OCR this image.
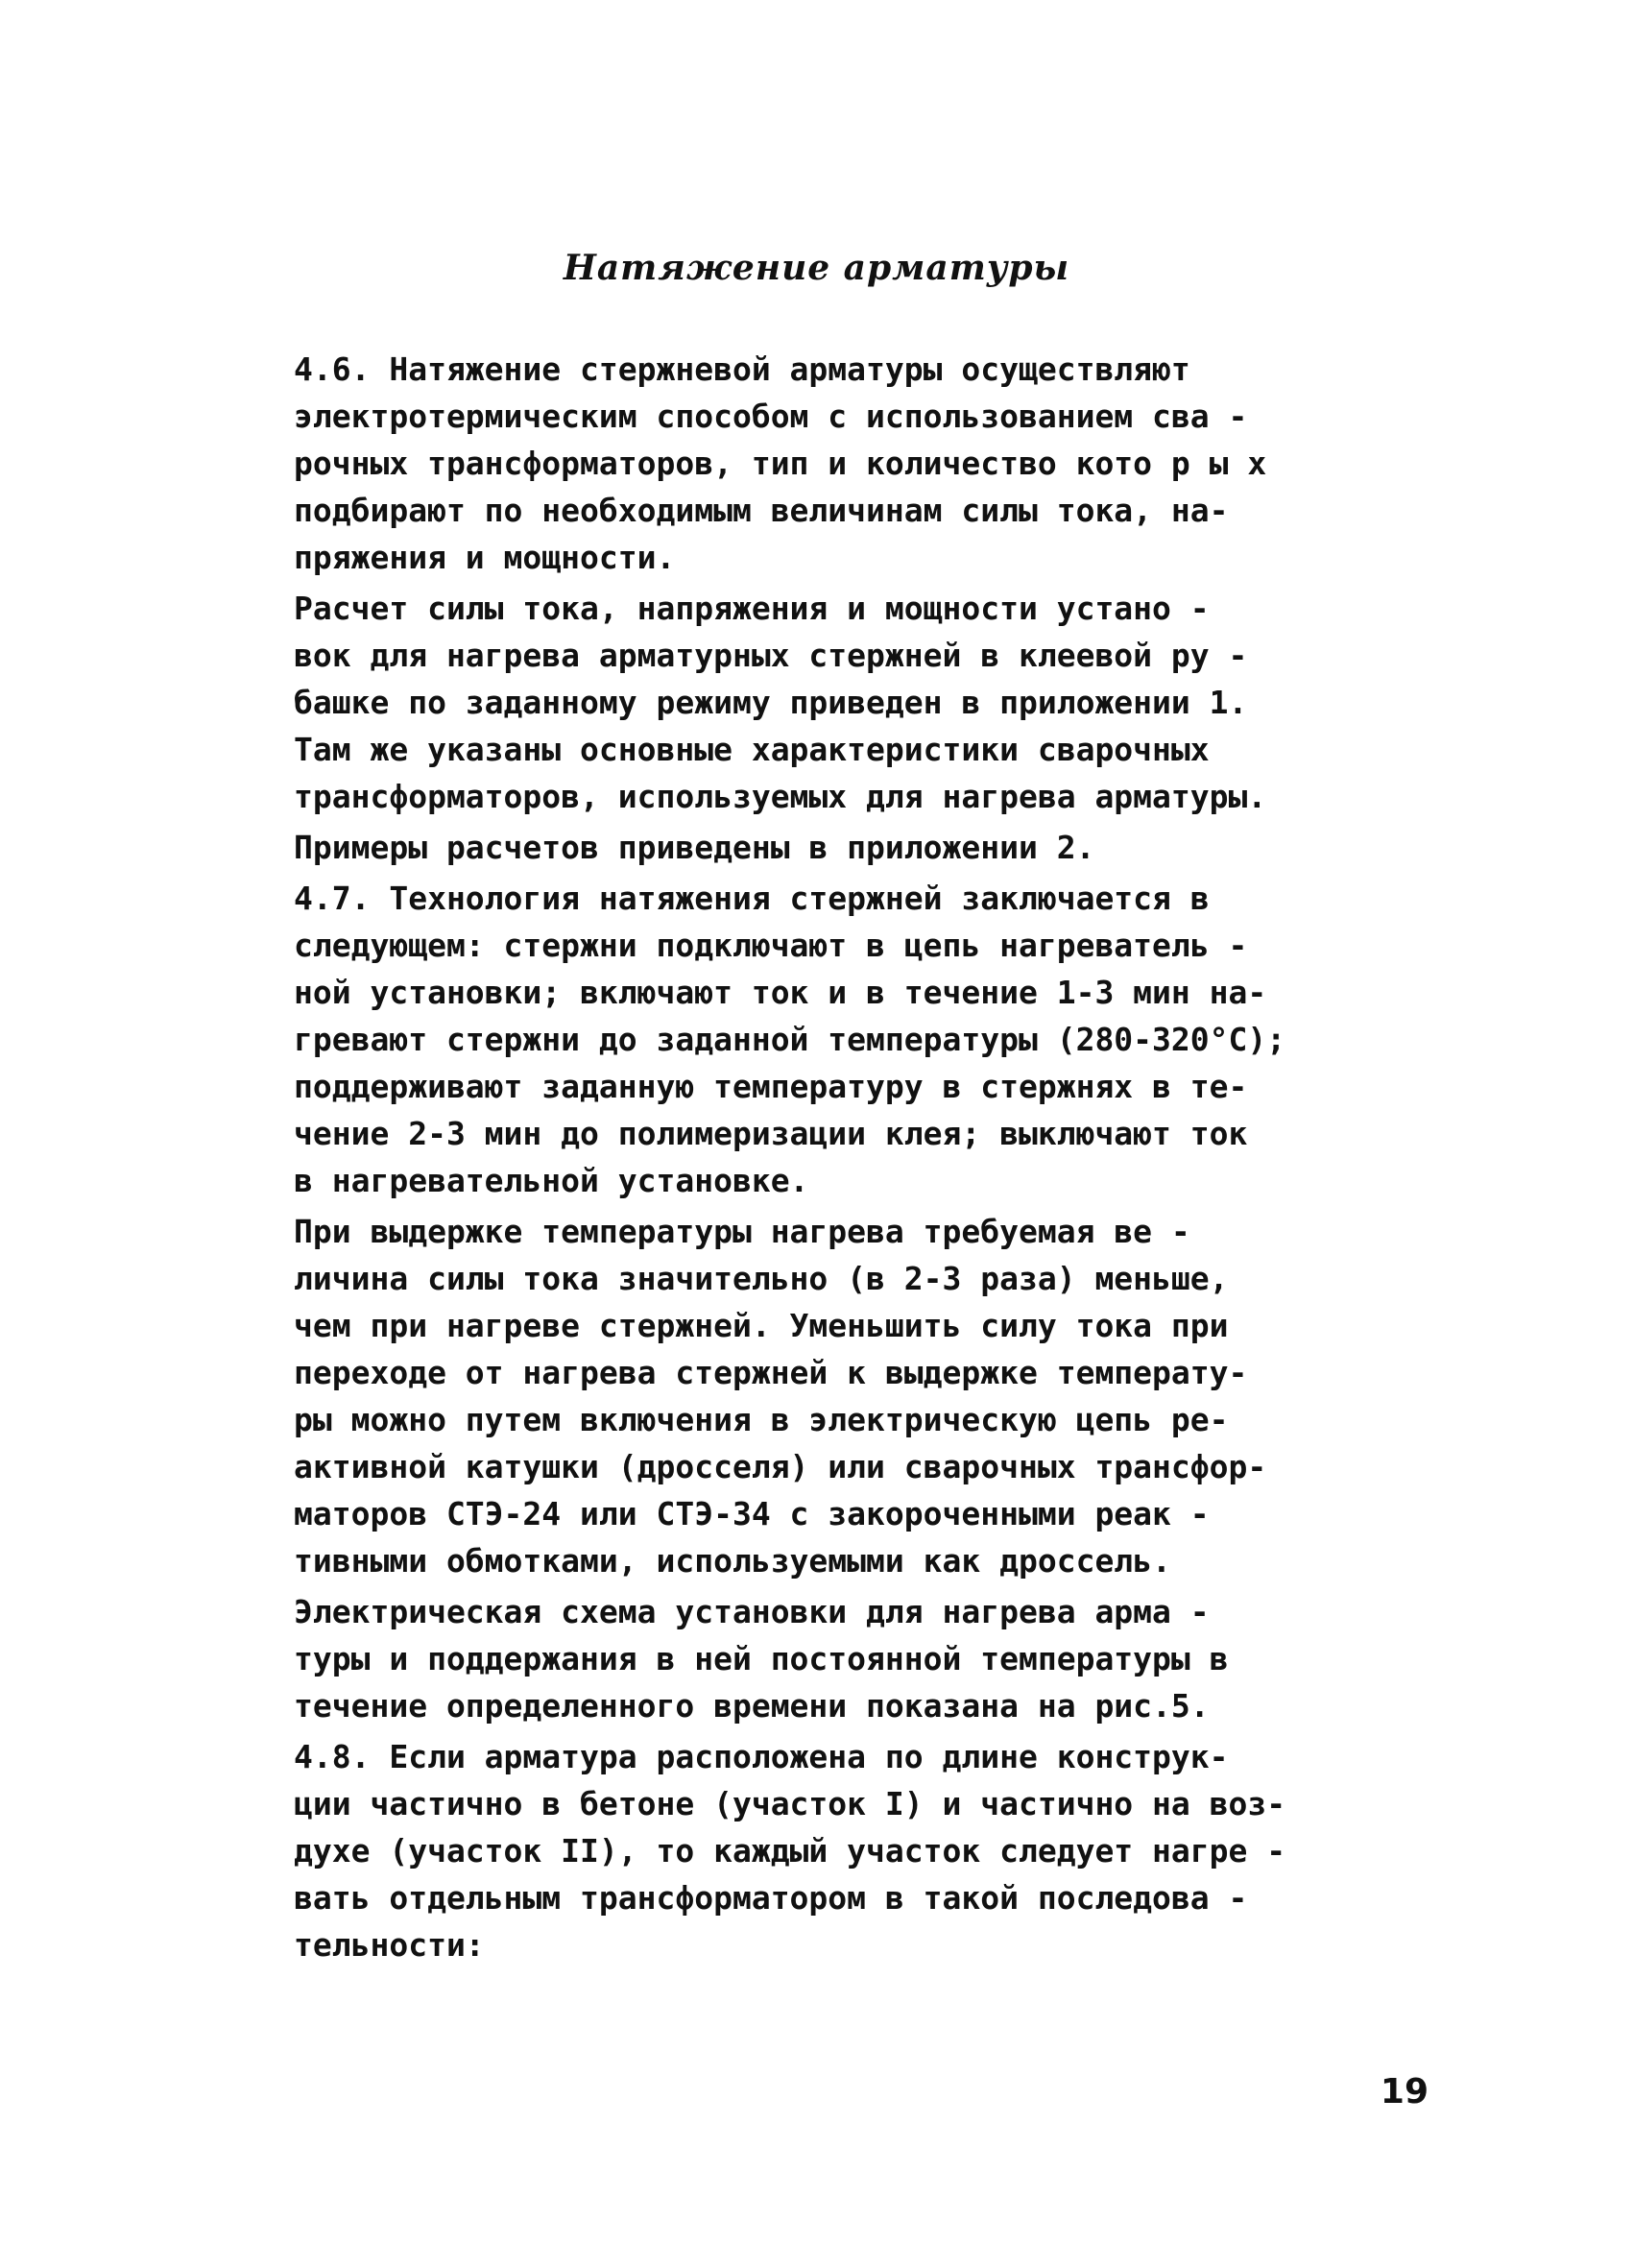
Натяжение арматуры
4.6. Натяжение стержневой арматуры осуществляют
электротермическим способом с использованием сва -
рочных трансформаторов, тип и количество кото р ы х
подбирают по необходимым величинам силы тока, на-
пряжения и мощности.
Расчет силы тока, напряжения и мощности устано -
вок для нагрева арматурных стержней в клеевой ру -
башке по заданному режиму приведен в приложении 1.
Там же указаны основные характеристики сварочных
трансформаторов, используемых для нагрева арматуры.
Примеры расчетов приведены в приложении 2.
4.7. Технология натяжения стержней заключается в
следующем: стержни подключают в цепь нагреватель -
ной установки; включают ток и в течение 1-3 мин на-
гревают стержни до заданной температуры (280-320°C);
поддерживают заданную температуру в стержнях в те-
чение 2-3 мин до полимеризации клея; выключают ток
в нагревательной установке.
При выдержке температуры нагрева требуемая ве -
личина силы тока значительно (в 2-3 раза) меньше,
чем при нагреве стержней. Уменьшить силу тока при
переходе от нагрева стержней к выдержке температу-
ры можно путем включения в электрическую цепь ре-
активной катушки (дросселя) или сварочных трансфор-
маторов СТЭ-24 или СТЭ-34 с закороченными реак -
тивными обмотками, используемыми как дроссель.
Электрическая схема установки для нагрева арма -
туры и поддержания в ней постоянной температуры в
течение определенного времени показана на рис.5.
4.8. Если арматура расположена по длине конструк-
ции частично в бетоне (участок I) и частично на воз-
духе (участок II), то каждый участок следует нагре -
вать отдельным трансформатором в такой последова -
тельности:
19
